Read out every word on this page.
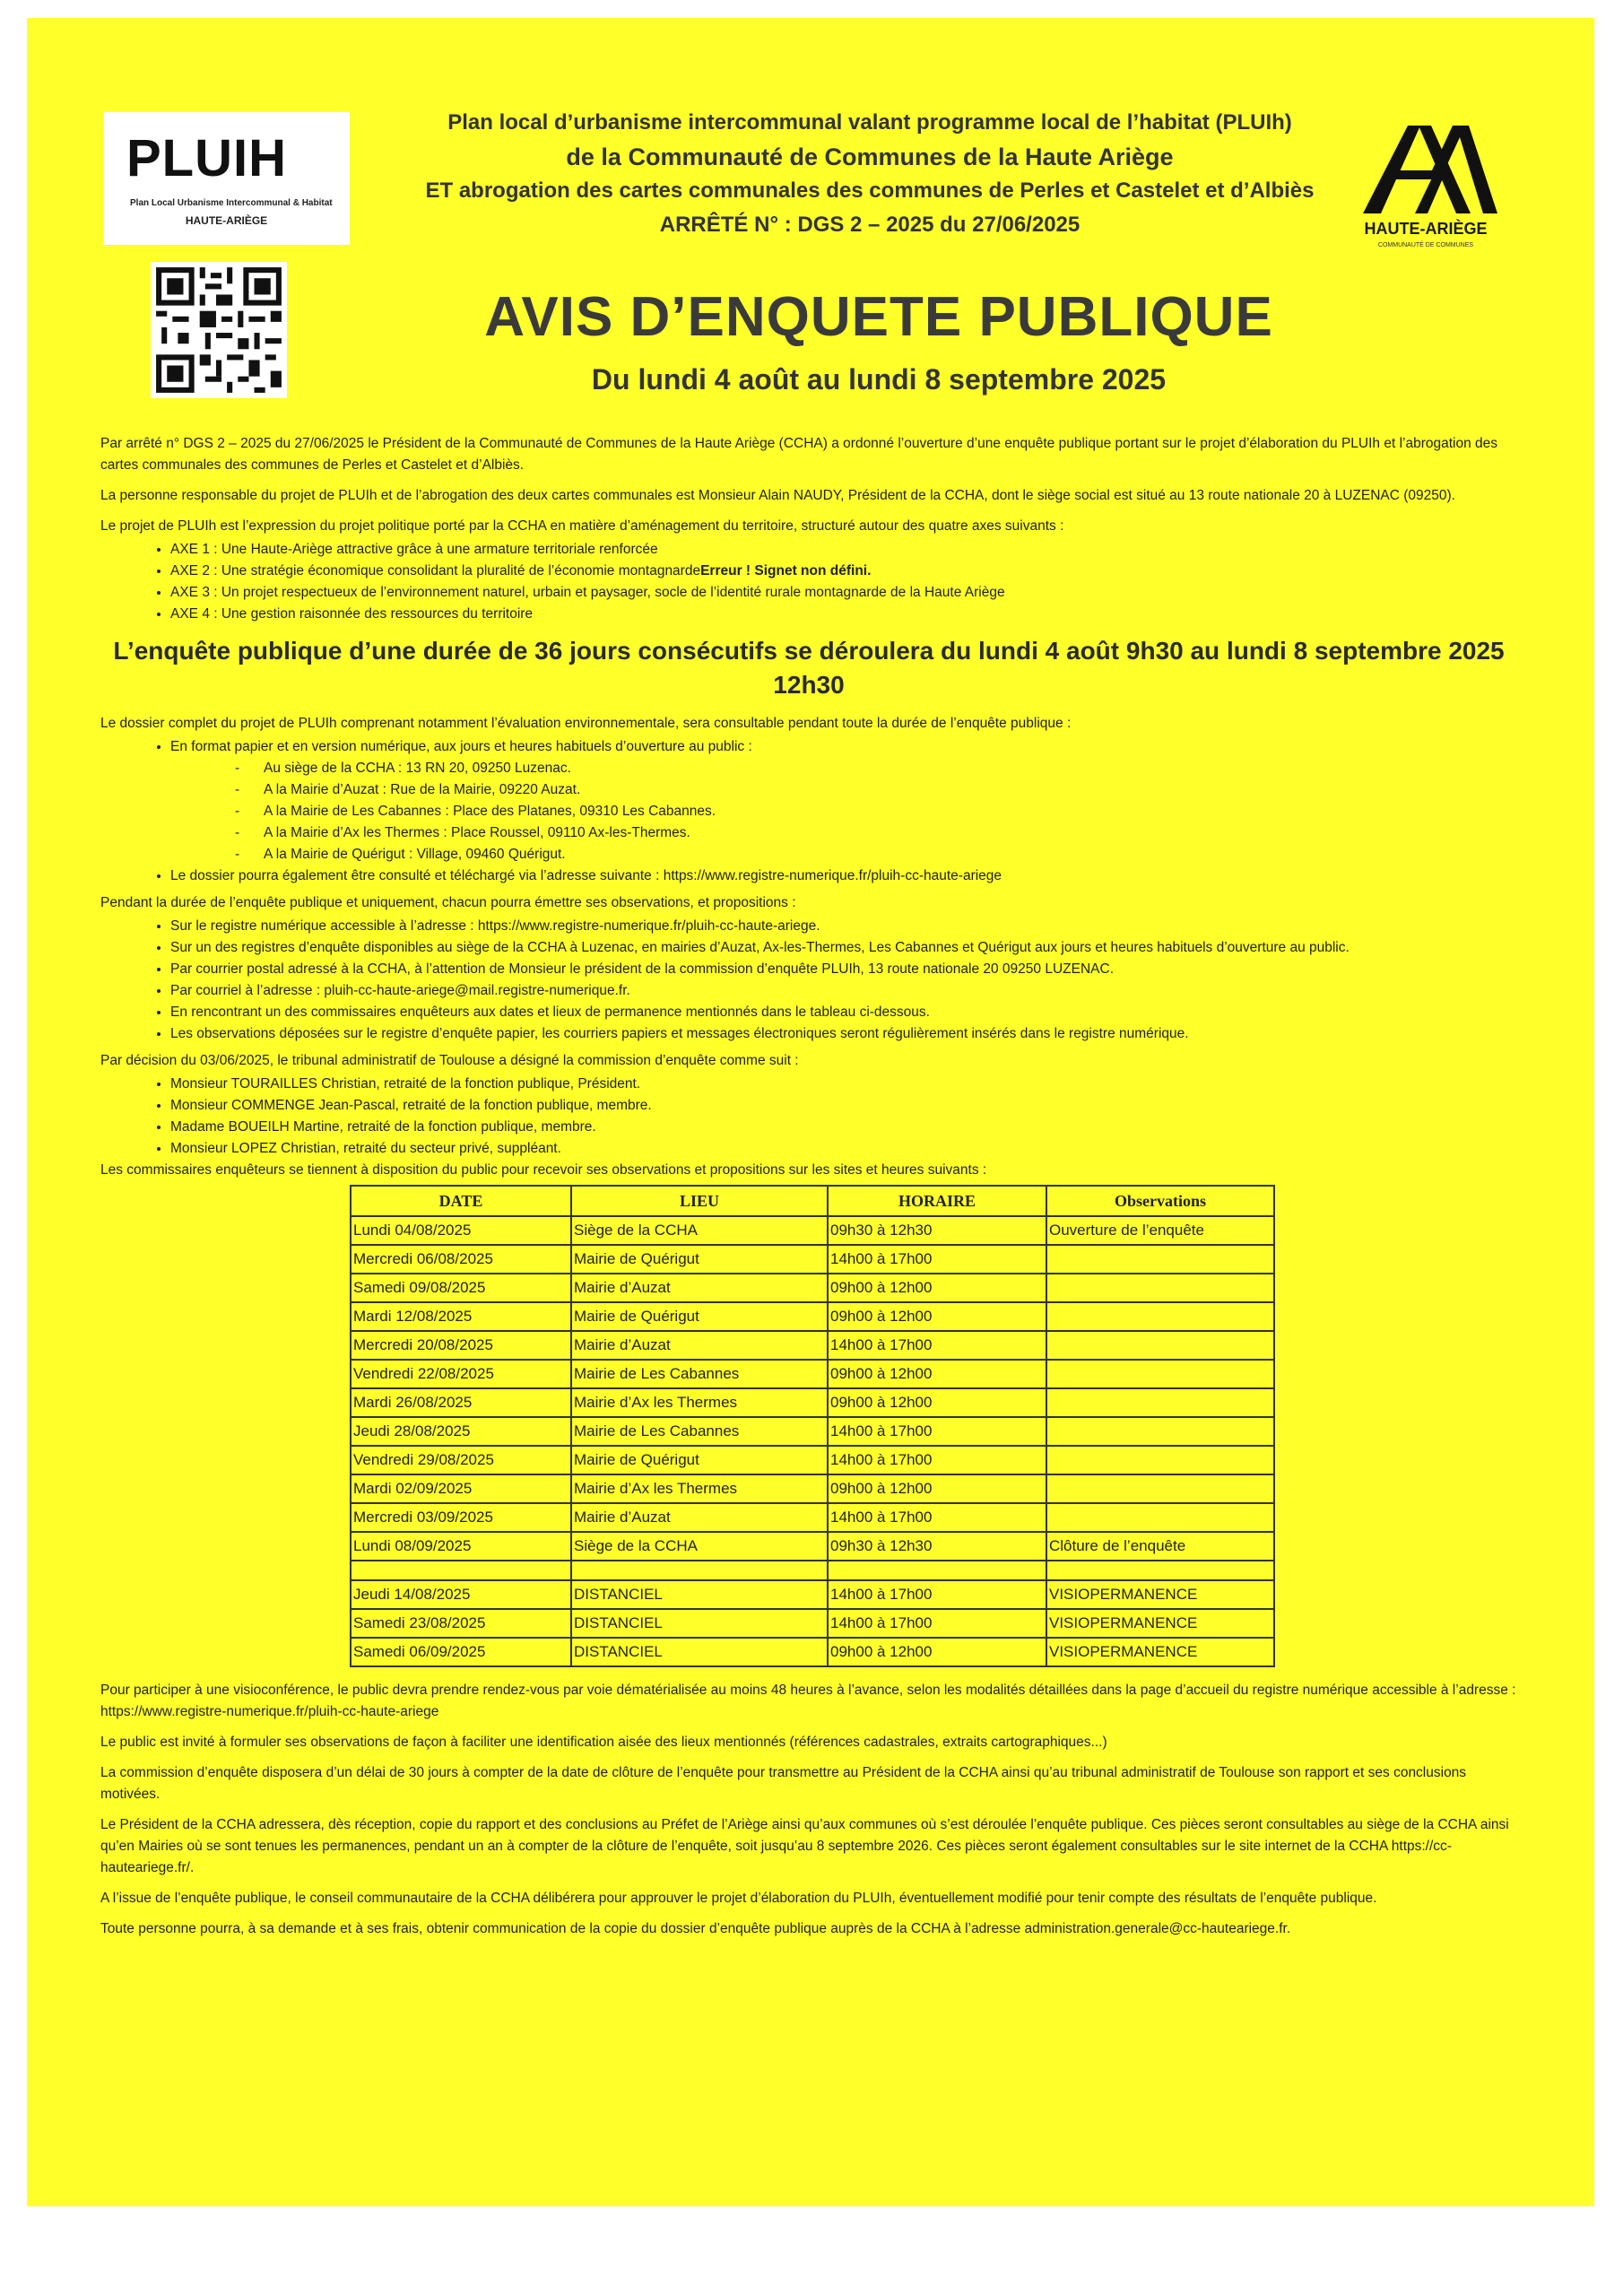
PLUIH
Plan Local Urbanisme Intercommunal & Habitat
HAUTE-ARIÈGE
Plan local d’urbanisme intercommunal valant programme local de l’habitat (PLUIh)
de la Communauté de Communes de la Haute Ariège
ET abrogation des cartes communales des communes de Perles et Castelet et d’Albiès
ARRÊTÉ N° : DGS 2 – 2025 du 27/06/2025	HAUTE-ARIÈGE
COMMUNAUTÉ DE COMMUNES
AVIS D’ENQUETE PUBLIQUE
Du lundi 4 août au lundi 8 septembre 2025

Par arrêté n° DGS 2 – 2025 du 27/06/2025 le Président de la Communauté de Communes de la Haute Ariège (CCHA) a ordonné l’ouverture d’une enquête publique portant sur le projet d’élaboration du PLUIh et l’abrogation des cartes communales des communes de Perles et Castelet et d’Albiès.

La personne responsable du projet de PLUIh et de l’abrogation des deux cartes communales est Monsieur Alain NAUDY, Président de la CCHA, dont le siège social est situé au 13 route nationale 20 à LUZENAC (09250).

Le projet de PLUIh est l’expression du projet politique porté par la CCHA en matière d’aménagement du territoire, structuré autour des quatre axes suivants :

• AXE 1 : Une Haute-Ariège attractive grâce à une armature territoriale renforcée
• AXE 2 : Une stratégie économique consolidant la pluralité de l’économie montagnardeErreur ! Signet non défini.
• AXE 3 : Un projet respectueux de l’environnement naturel, urbain et paysager, socle de l’identité rurale montagnarde de la Haute Ariège
• AXE 4 : Une gestion raisonnée des ressources du territoire
L’enquête publique d’une durée de 36 jours consécutifs se déroulera du lundi 4 août 9h30 au lundi 8 septembre 2025 12h30

Le dossier complet du projet de PLUIh comprenant notamment l’évaluation environnementale, sera consultable pendant toute la durée de l’enquête publique :

• En format papier et en version numérique, aux jours et heures habituels d’ouverture au public :
- Au siège de la CCHA : 13 RN 20, 09250 Luzenac.
- A la Mairie d’Auzat : Rue de la Mairie, 09220 Auzat.
- A la Mairie de Les Cabannes : Place des Platanes, 09310 Les Cabannes.
- A la Mairie d’Ax les Thermes : Place Roussel, 09110 Ax-les-Thermes.
- A la Mairie de Quérigut : Village, 09460 Quérigut.
• Le dossier pourra également être consulté et téléchargé via l’adresse suivante : https://www.registre-numerique.fr/pluih-cc-haute-ariege

Pendant la durée de l’enquête publique et uniquement, chacun pourra émettre ses observations, et propositions :

• Sur le registre numérique accessible à l’adresse : https://www.registre-numerique.fr/pluih-cc-haute-ariege.
• Sur un des registres d’enquête disponibles au siège de la CCHA à Luzenac, en mairies d’Auzat, Ax-les-Thermes, Les Cabannes et Quérigut aux jours et heures habituels d’ouverture au public.
• Par courrier postal adressé à la CCHA, à l’attention de Monsieur le président de la commission d’enquête PLUIh, 13 route nationale 20 09250 LUZENAC.
• Par courriel à l’adresse : pluih-cc-haute-ariege@mail.registre-numerique.fr.
• En rencontrant un des commissaires enquêteurs aux dates et lieux de permanence mentionnés dans le tableau ci-dessous.
• Les observations déposées sur le registre d’enquête papier, les courriers papiers et messages électroniques seront régulièrement insérés dans le registre numérique.

Par décision du 03/06/2025, le tribunal administratif de Toulouse a désigné la commission d’enquête comme suit :

• Monsieur TOURAILLES Christian, retraité de la fonction publique, Président.
• Monsieur COMMENGE Jean-Pascal, retraité de la fonction publique, membre.
• Madame BOUEILH Martine, retraité de la fonction publique, membre.
• Monsieur LOPEZ Christian, retraité du secteur privé, suppléant.

Les commissaires enquêteurs se tiennent à disposition du public pour recevoir ses observations et propositions sur les sites et heures suivants :

DATE	LIEU	HORAIRE	Observations
Lundi 04/08/2025	Siège de la CCHA	09h30 à 12h30	Ouverture de l’enquête
Mercredi 06/08/2025	Mairie de Quérigut	14h00 à 17h00	
Samedi 09/08/2025	Mairie d’Auzat	09h00 à 12h00	
Mardi 12/08/2025	Mairie de Quérigut	09h00 à 12h00	
Mercredi 20/08/2025	Mairie d’Auzat	14h00 à 17h00	
Vendredi 22/08/2025	Mairie de Les Cabannes	09h00 à 12h00	
Mardi 26/08/2025	Mairie d’Ax les Thermes	09h00 à 12h00	
Jeudi 28/08/2025	Mairie de Les Cabannes	14h00 à 17h00	
Vendredi 29/08/2025	Mairie de Quérigut	14h00 à 17h00	
Mardi 02/09/2025	Mairie d’Ax les Thermes	09h00 à 12h00	
Mercredi 03/09/2025	Mairie d’Auzat	14h00 à 17h00	
Lundi 08/09/2025	Siège de la CCHA	09h30 à 12h30	Clôture de l’enquête

Jeudi 14/08/2025	DISTANCIEL	14h00 à 17h00	VISIOPERMANENCE
Samedi 23/08/2025	DISTANCIEL	14h00 à 17h00	VISIOPERMANENCE
Samedi 06/09/2025	DISTANCIEL	09h00 à 12h00	VISIOPERMANENCE

Pour participer à une visioconférence, le public devra prendre rendez-vous par voie dématérialisée au moins 48 heures à l’avance, selon les modalités détaillées dans la page d’accueil du registre numérique accessible à l’adresse : https://www.registre-numerique.fr/pluih-cc-haute-ariege

Le public est invité à formuler ses observations de façon à faciliter une identification aisée des lieux mentionnés (références cadastrales, extraits cartographiques...)

La commission d’enquête disposera d’un délai de 30 jours à compter de la date de clôture de l’enquête pour transmettre au Président de la CCHA ainsi qu’au tribunal administratif de Toulouse son rapport et ses conclusions motivées.

Le Président de la CCHA adressera, dès réception, copie du rapport et des conclusions au Préfet de l’Ariège ainsi qu’aux communes où s’est déroulée l’enquête publique. Ces pièces seront consultables au siège de la CCHA ainsi qu’en Mairies où se sont tenues les permanences, pendant un an à compter de la clôture de l’enquête, soit jusqu’au 8 septembre 2026. Ces pièces seront également consultables sur le site internet de la CCHA https://cc-hauteariege.fr/.

A l’issue de l’enquête publique, le conseil communautaire de la CCHA délibérera pour approuver le projet d’élaboration du PLUIh, éventuellement modifié pour tenir compte des résultats de l’enquête publique.

Toute personne pourra, à sa demande et à ses frais, obtenir communication de la copie du dossier d’enquête publique auprès de la CCHA à l’adresse administration.generale@cc-hauteariege.fr.
